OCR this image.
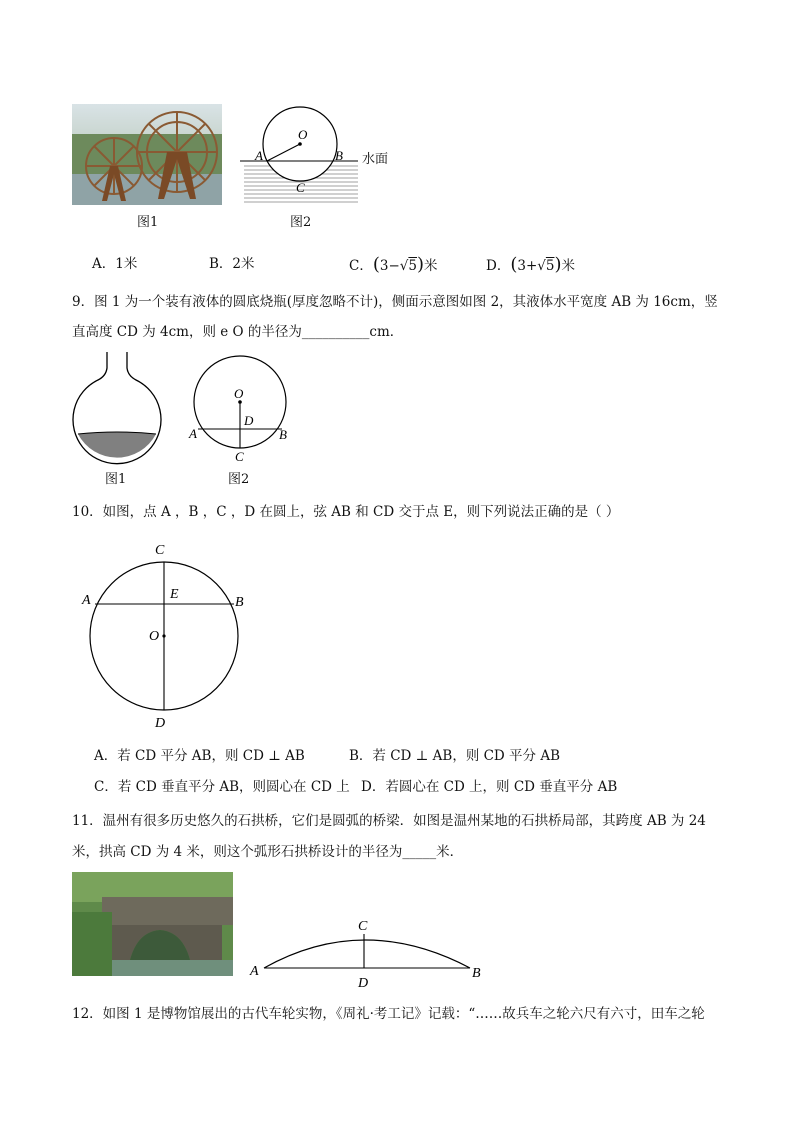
图1
O
A	B
C
水面
图2
A．1米	B．2米	C．(3−√5)米	D．(3+√5)米
9．图 1 为一个装有液体的圆底烧瓶(厚度忽略不计)，侧面示意图如图 2，其液体水平宽度 AB 为 16cm，竖
直高度 CD 为 4cm，则 e O 的半径为__________cm．
图1
O
D
A	B
C
图2
10．如图，点 A ，B ，C ，D 在圆上，弦 AB 和 CD 交于点 E，则下列说法正确的是（ ）
C
A	E
B
O
D
A．若 CD 平分 AB，则 CD ⊥ AB	B．若 CD ⊥ AB，则 CD 平分 AB
C．若 CD 垂直平分 AB，则圆心在 CD 上 D．若圆心在 CD 上，则 CD 垂直平分 AB
11．温州有很多历史悠久的石拱桥，它们是圆弧的桥梁．如图是温州某地的石拱桥局部，其跨度 AB 为 24
米，拱高 CD 为 4 米，则这个弧形石拱桥设计的半径为_____米．
C
A
D
B
12．如图 1 是博物馆展出的古代车轮实物，《周礼·考工记》记载：“……故兵车之轮六尺有六寸，田车之轮
